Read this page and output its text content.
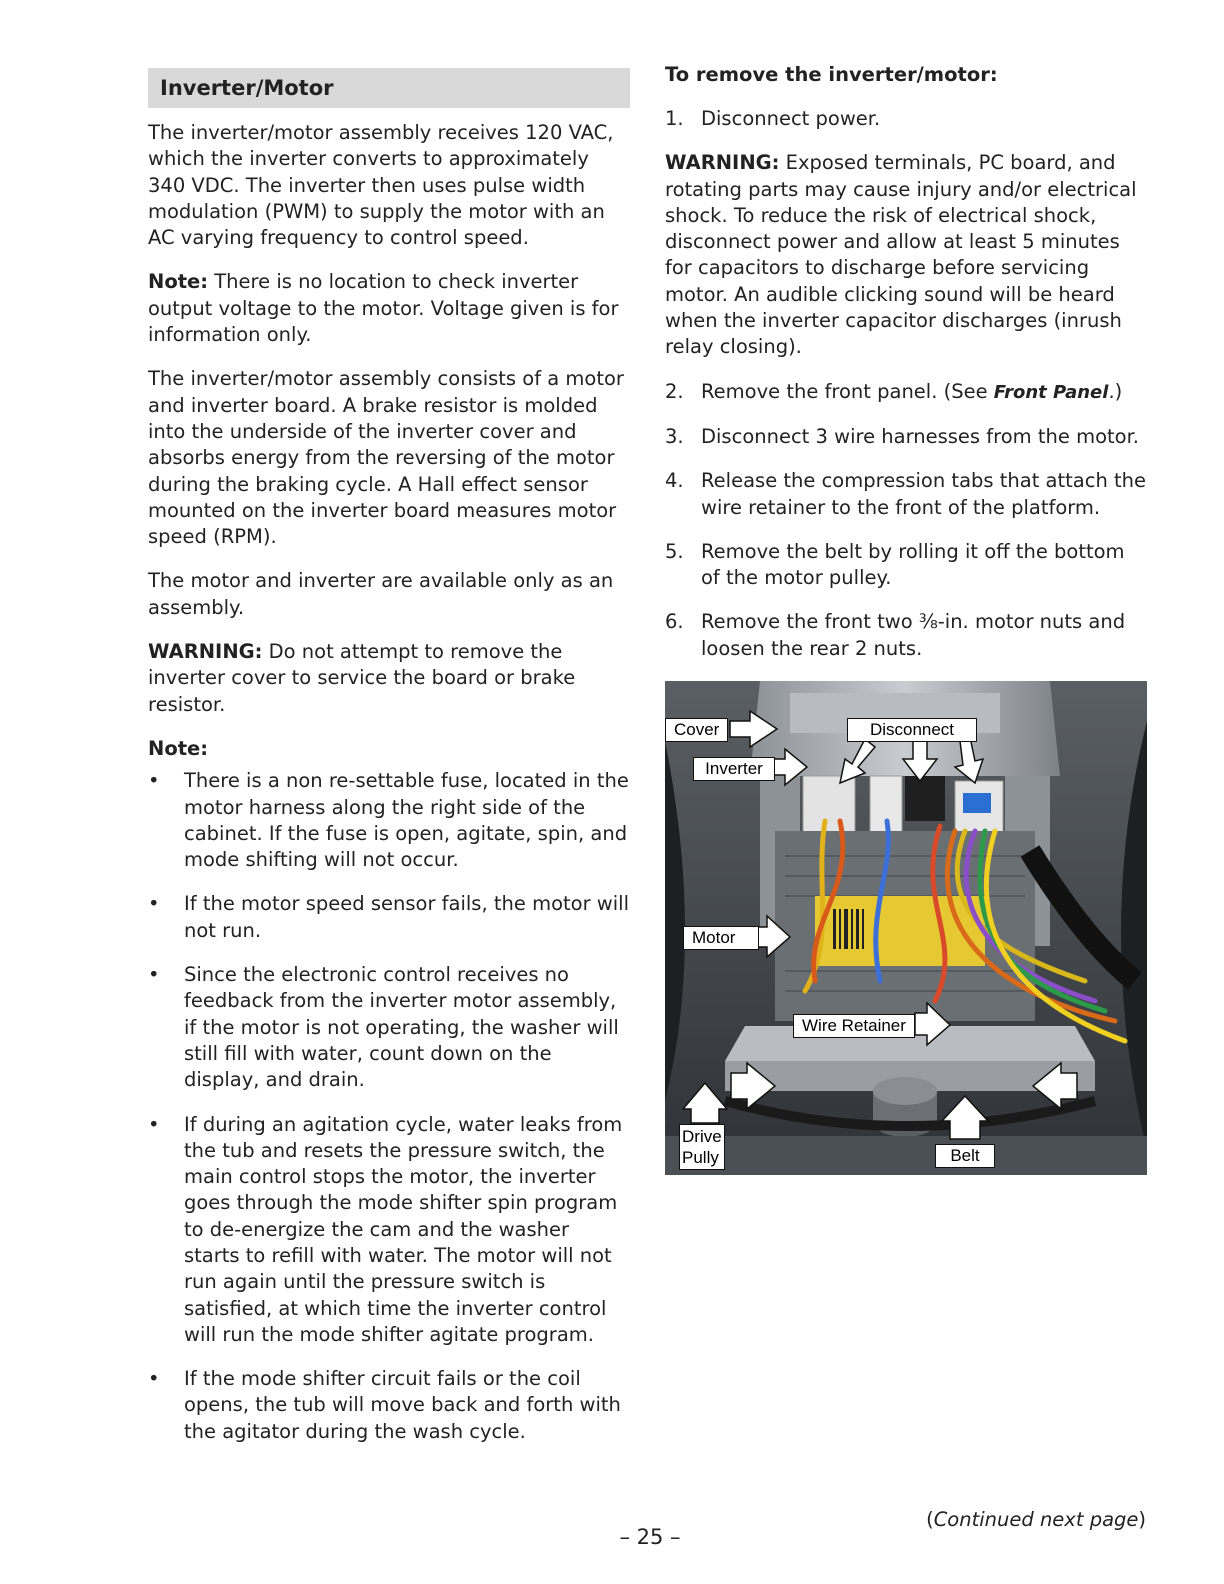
Inverter/Motor

The inverter/motor assembly receives 120 VAC, which the inverter converts to approximately 340 VDC. The inverter then uses pulse width modulation (PWM) to supply the motor with an AC varying frequency to control speed.

Note: There is no location to check inverter output voltage to the motor. Voltage given is for information only.

The inverter/motor assembly consists of a motor and inverter board. A brake resistor is molded into the underside of the inverter cover and absorbs energy from the reversing of the motor during the braking cycle. A Hall effect sensor mounted on the inverter board measures motor speed (RPM).

The motor and inverter are available only as an assembly.

WARNING: Do not attempt to remove the inverter cover to service the board or brake resistor.

Note:

• There is a non re-settable fuse, located in the motor harness along the right side of the cabinet. If the fuse is open, agitate, spin, and mode shifting will not occur.
• If the motor speed sensor fails, the motor will not run.
• Since the electronic control receives no feedback from the inverter motor assembly, if the motor is not operating, the washer will still fill with water, count down on the display, and drain.
• If during an agitation cycle, water leaks from the tub and resets the pressure switch, the main control stops the motor, the inverter goes through the mode shifter spin program to de-energize the cam and the washer starts to refill with water. The motor will not run again until the pressure switch is satisfied, at which time the inverter control will run the mode shifter agitate program.
• If the mode shifter circuit fails or the coil opens, the tub will move back and forth with the agitator during the wash cycle.
To remove the inverter/motor:
1. Disconnect power.

WARNING: Exposed terminals, PC board, and rotating parts may cause injury and/or electrical shock. To reduce the risk of electrical shock, disconnect power and allow at least 5 minutes for capacitors to discharge before servicing motor. An audible clicking sound will be heard when the inverter capacitor discharges (inrush relay closing).

2. Remove the front panel. (See Front Panel.)
3. Disconnect 3 wire harnesses from the motor.
4. Release the compression tabs that attach the wire retainer to the front of the platform.
5. Remove the belt by rolling it off the bottom of the motor pulley.
6. Remove the front two ⅜-in. motor nuts and loosen the rear 2 nuts.
Cover	Disconnect
Inverter
Motor
Wire Retainer
Drive
Pully	Belt
(Continued next page)
– 25 –
